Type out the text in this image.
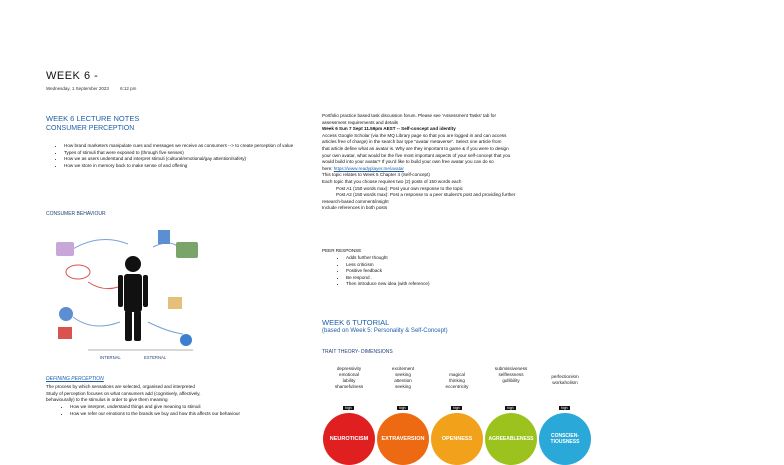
WEEK 6 -
Wednesday, 1 September 2023	6:12 pm
WEEK 6 LECTURE NOTES
CONSUMER PERCEPTION
• How brand marketers manipulate cues and messages we receive as consumers --> to create perception of value
• Types of stimuli that were exposed to (through five senses)
• How we as users understand and interpret stimuli (cultural/emotional/gay attention/safety)
• How we store in memory back to make sense of and offering
CONSUMER BEHAVIOUR
INTERNAL	EXTERNAL
DEFINING PERCEPTION
The process by which sensations are selected, organised and interpreted
Study of perception focuses on what consumers add (cognitively, affectively,
behaviourally) to the stimulus in order to give them meaning
• How we interpret, understand things and give meaning to stimuli
• How we refer our emotions to the brands we buy and how this affects our behaviour
Portfolio practice based task discussion forum. Please see 'Assessment Tasks' tab for
assessment requirements and details
Week 6 Sun 7 Sept 11.59pm AEST -- Self-concept and identity
Access Google Scholar (via the MQ Library page so that you are logged in and can access
articles free of charge) in the search bar type "avatar metaverse". Select one article from
that article define what an avatar is. Why are they important to game & if you were to design
your own avatar, what would be the five most important aspects of your self-concept that you
would build into your avatar? If you'd like to build your own free avatar you can do so
here: https://www.readyplayer.me/avatar
This topic relates to Week 5 Chapter 4 (Self-concept)
Each topic that you choose requires two (2) posts of 150 words each
Post A1 (150 words max): Post your own response to the topic
Post A2 (150 words max): Post a response to a peer student's post and providing further
research-based comment/insight
Include references in both posts
PEER RESPONSE
• Adds further thought
• Less criticism
• Positive feedback
• Be respond .
• Then introduce new idea (with reference)
WEEK 6 TUTORIAL
(based on Week 5: Personality & Self-Concept)
TRAIT THEORY- DIMENSIONS
depressivity
emotional
lability
shamefulness
excitement
seeking
attention
seeking
magical
thinking
eccentricity
submissiveness
selflessness
gullibility
perfectionism
workaholism
high	high	high	high	high
NEUROTICISM	EXTRAVERSION	OPENNESS	AGREEABLENESS	CONSCIEN-
TIOUSNESS
